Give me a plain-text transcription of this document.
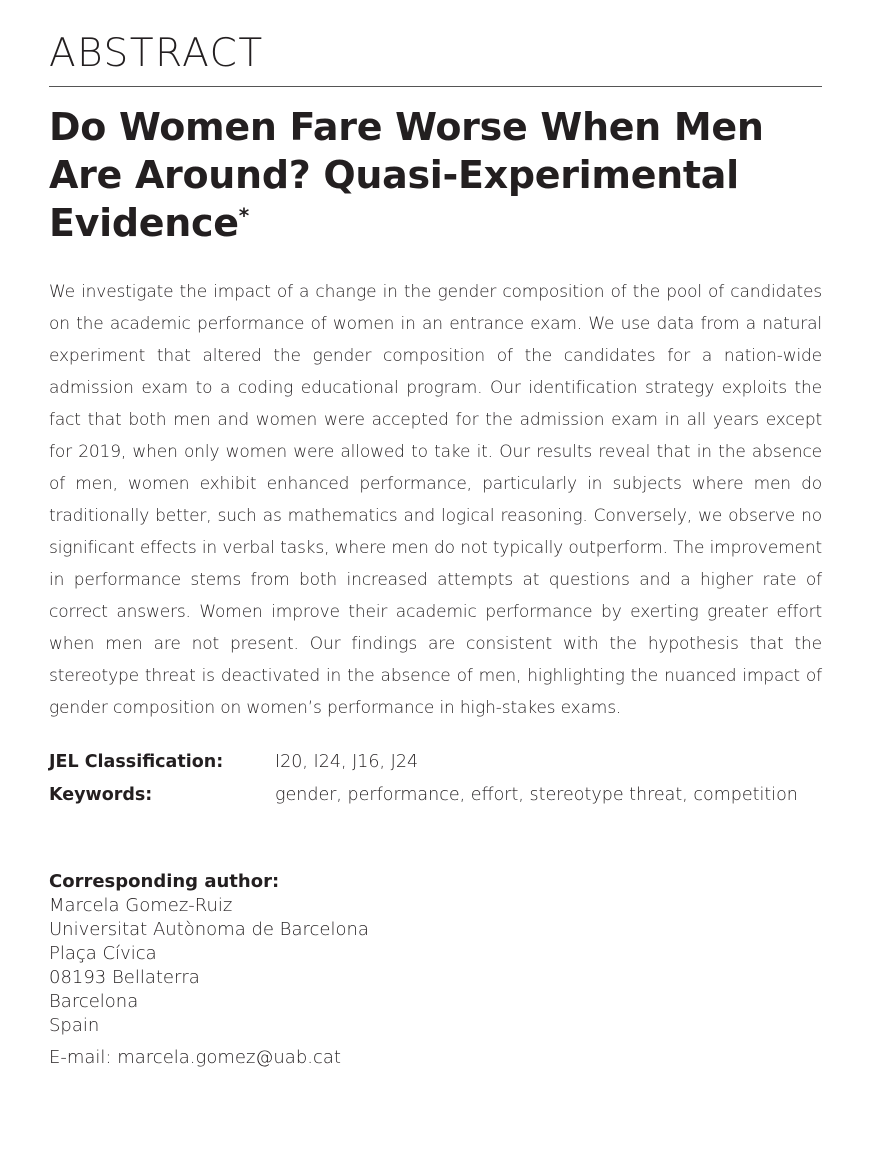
ABSTRACT
Do Women Fare Worse When Men Are Around? Quasi-Experimental Evidence*

We investigate the impact of a change in the gender composition of the pool of candidates on the academic performance of women in an entrance exam. We use data from a natural experiment that altered the gender composition of the candidates for a nation-wide admission exam to a coding educational program. Our identification strategy exploits the fact that both men and women were accepted for the admission exam in all years except for 2019, when only women were allowed to take it. Our results reveal that in the absence of men, women exhibit enhanced performance, particularly in subjects where men do traditionally better, such as mathematics and logical reasoning. Conversely, we observe no significant effects in verbal tasks, where men do not typically outperform. The improvement in performance stems from both increased attempts at questions and a higher rate of correct answers. Women improve their academic performance by exerting greater effort when men are not present. Our findings are consistent with the hypothesis that the stereotype threat is deactivated in the absence of men, highlighting the nuanced impact of gender composition on women’s performance in high-stakes exams.

JEL Classification:	I20, I24, J16, J24
Keywords:	gender, performance, effort, stereotype threat, competition
Corresponding author:
Marcela Gomez-Ruiz
Universitat Autònoma de Barcelona
Plaça Cívica
08193 Bellaterra
Barcelona
Spain
E-mail: marcela.gomez@uab.cat
